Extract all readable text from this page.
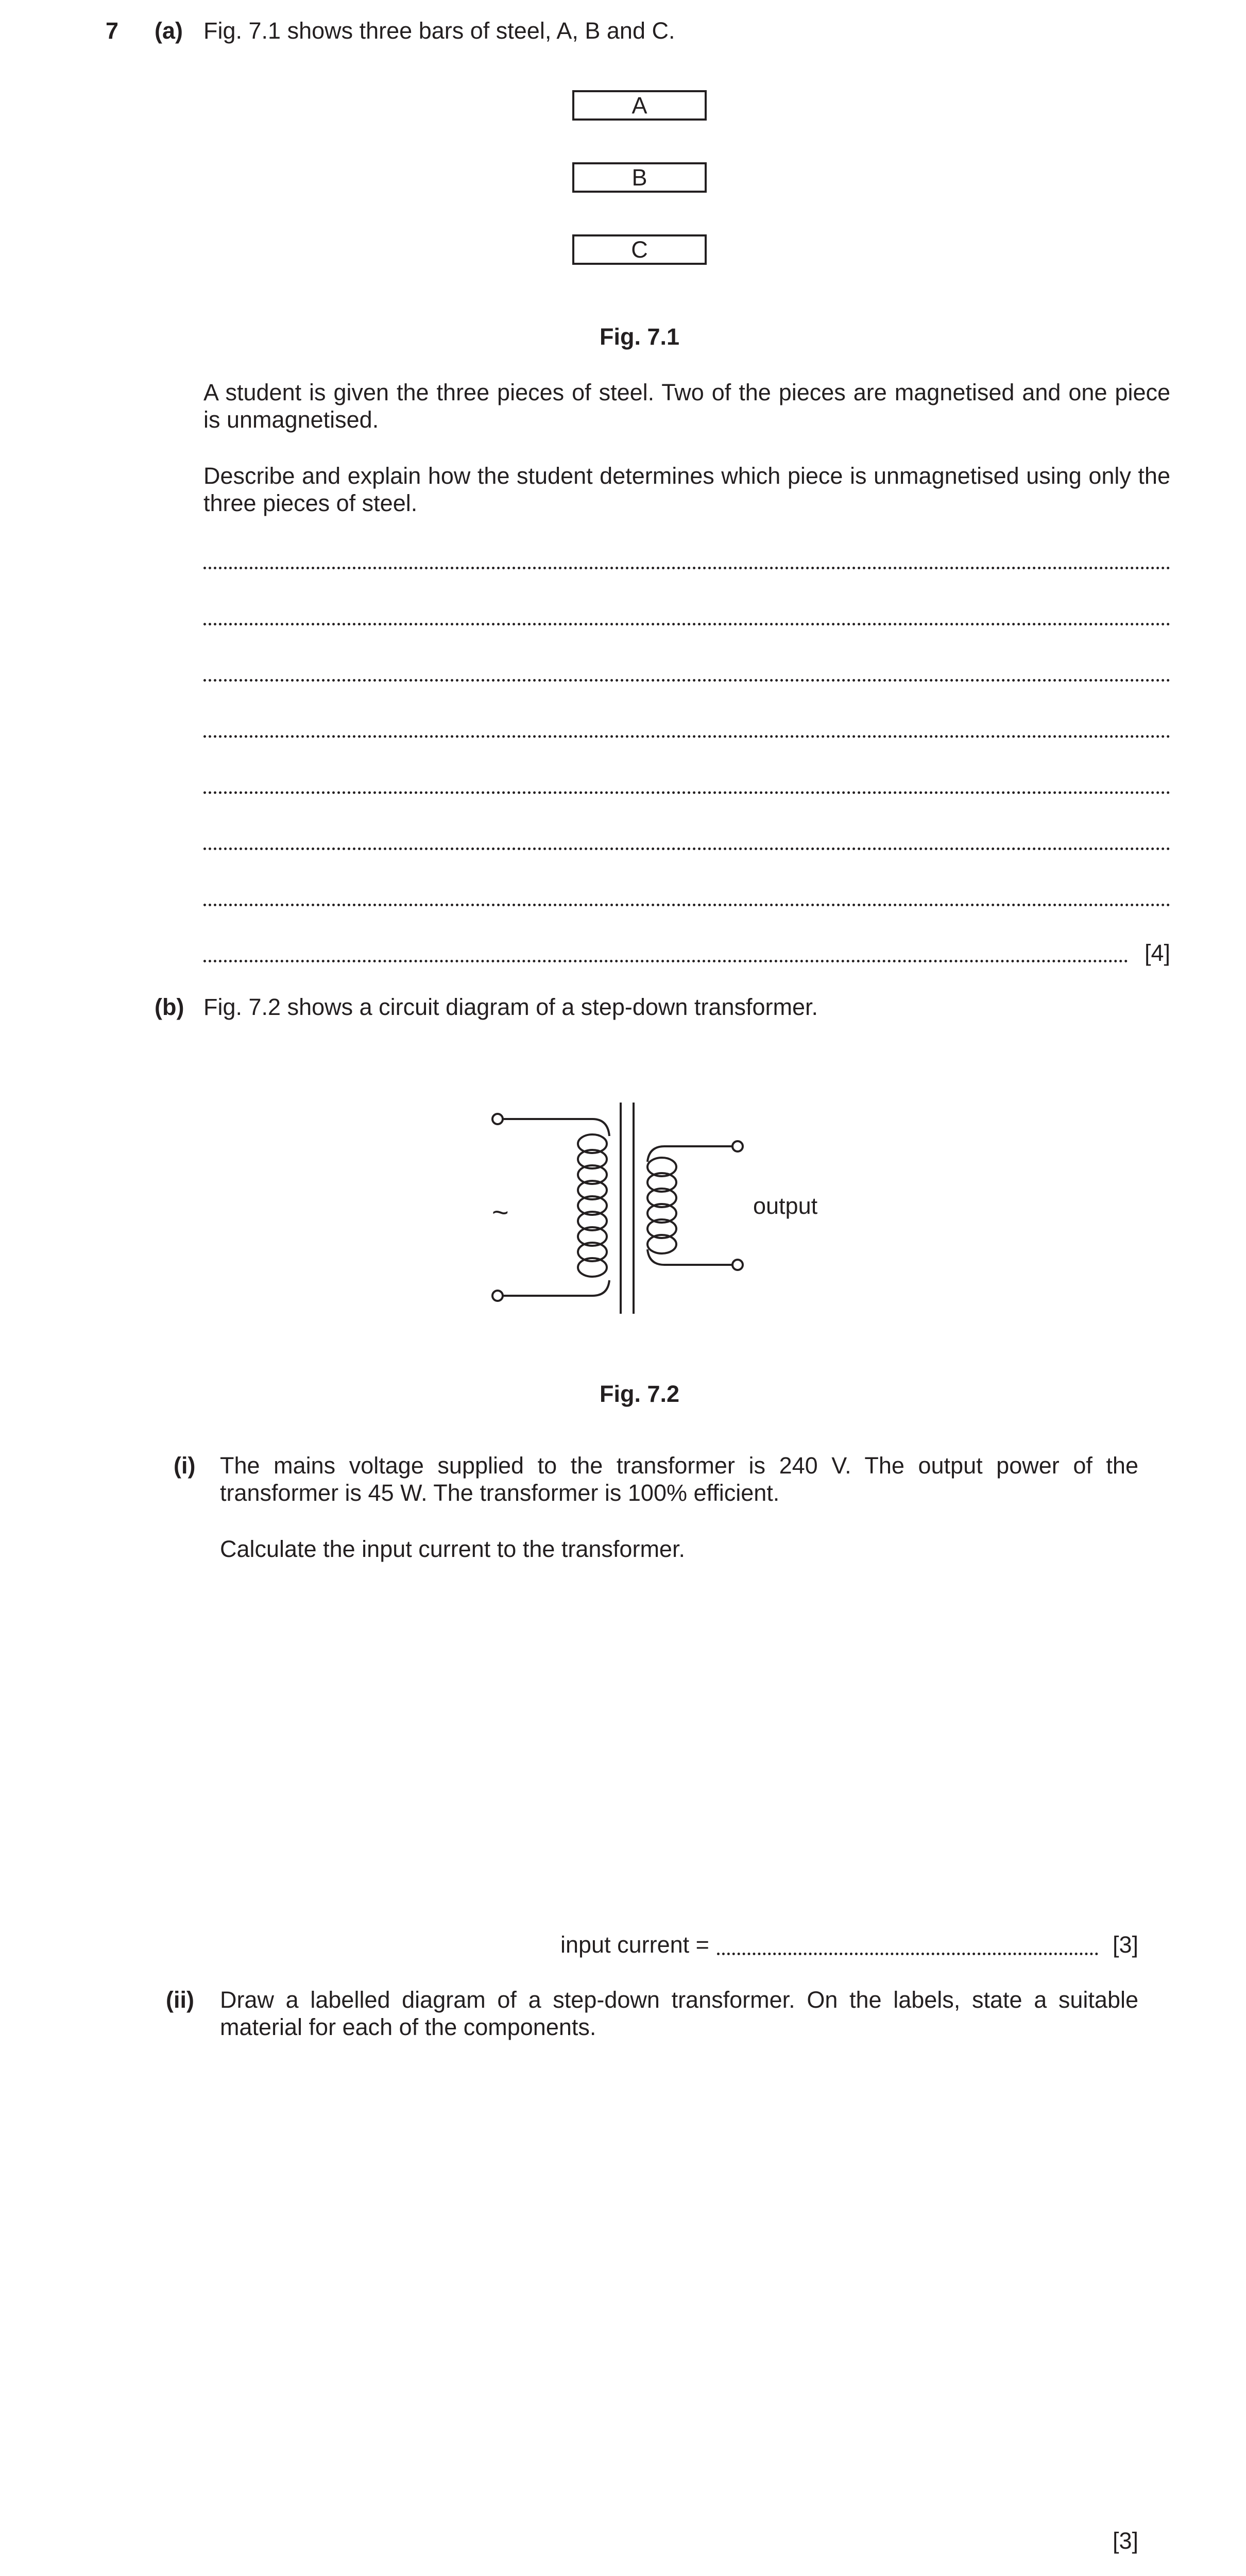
7 (a) Fig. 7.1 shows three bars of steel, A, B and C.
A
B
C
Fig. 7.1
A student is given the three pieces of steel. Two of the pieces are magnetised and one piece is unmagnetised.
Describe and explain how the student determines which piece is unmagnetised using only the three pieces of steel.
[4]
(b) Fig. 7.2 shows a circuit diagram of a step-down transformer.
~	output
Fig. 7.2
(i) The mains voltage supplied to the transformer is 240 V. The output power of the transformer is 45 W. The transformer is 100% efficient.
Calculate the input current to the transformer.
input current =	[3]
(ii) Draw a labelled diagram of a step-down transformer. On the labels, state a suitable material for each of the components.
[3]
